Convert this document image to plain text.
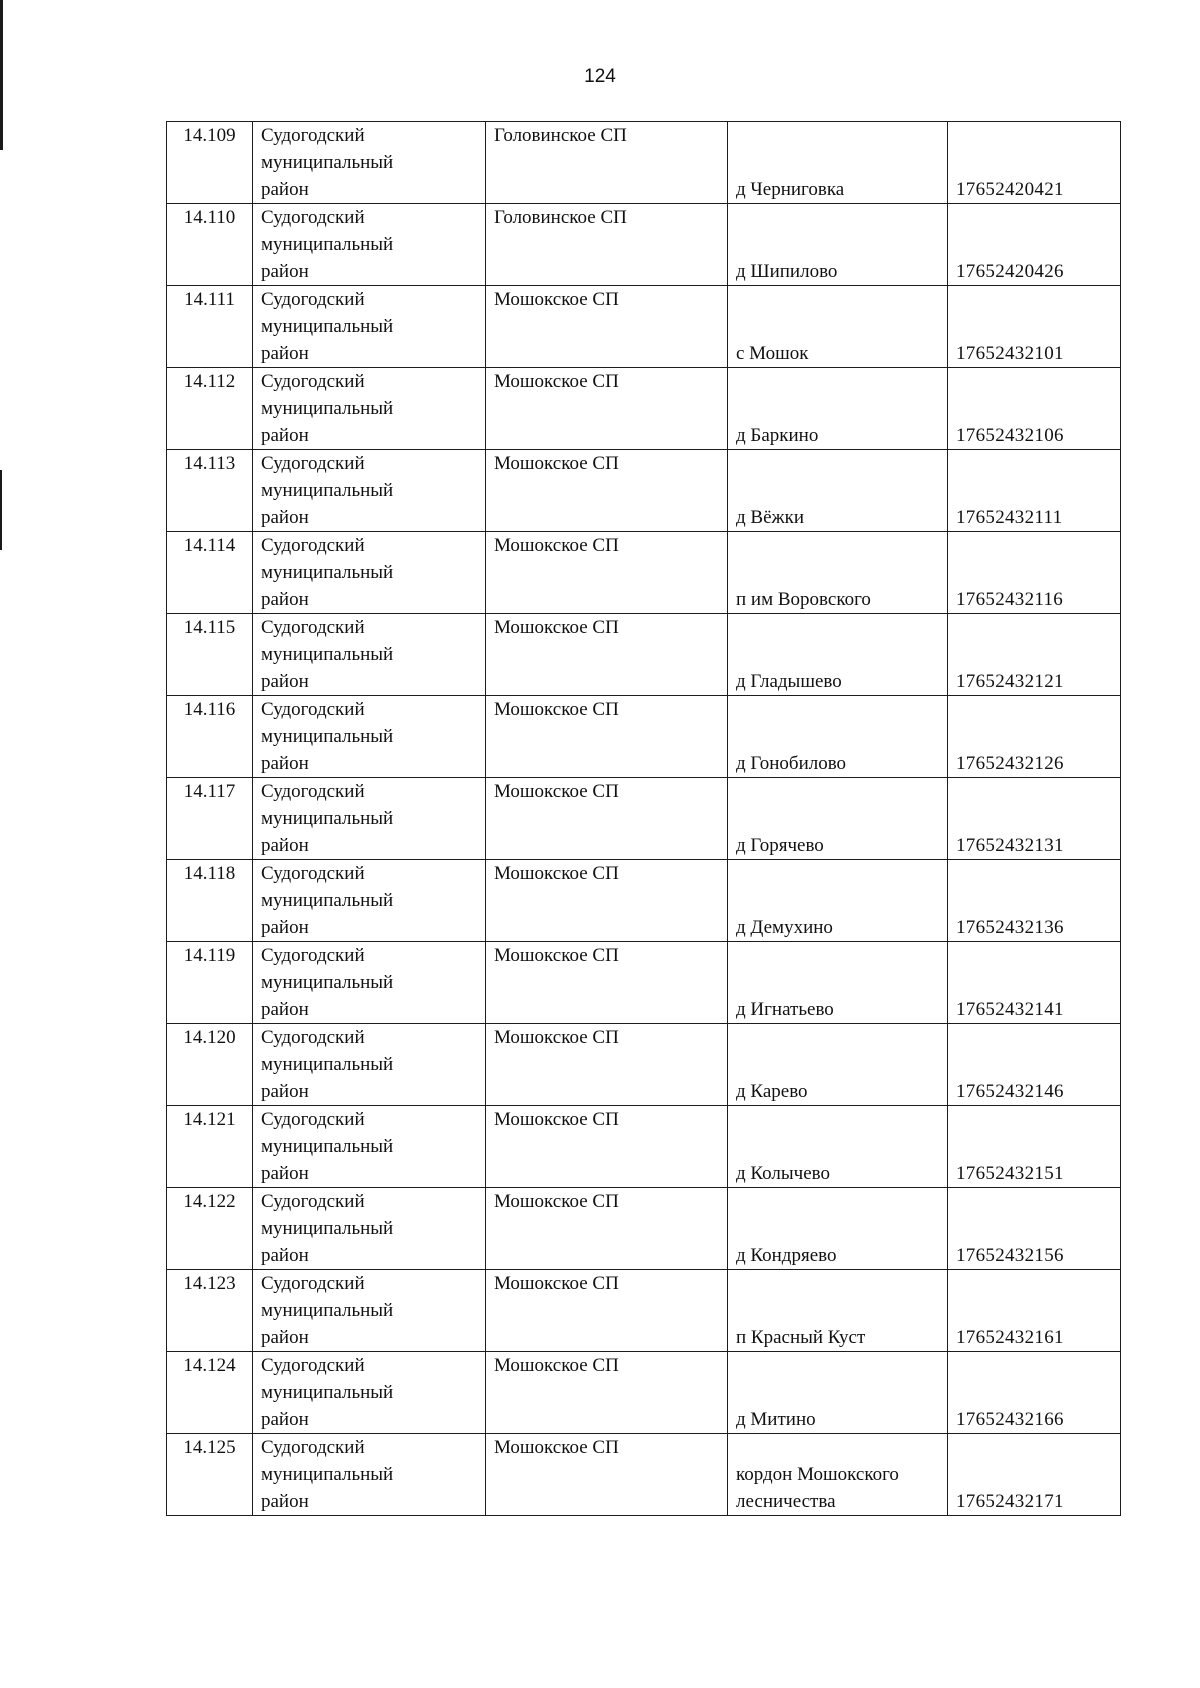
124
14.109	Судогодский
муниципальный
район	Головинское СП	д Черниговка	17652420421
14.110	Судогодский
муниципальный
район	Головинское СП	д Шипилово	17652420426
14.111	Судогодский
муниципальный
район	Мошокское СП	с Мошок	17652432101
14.112	Судогодский
муниципальный
район	Мошокское СП	д Баркино	17652432106
14.113	Судогодский
муниципальный
район	Мошокское СП	д Вёжки	17652432111
14.114	Судогодский
муниципальный
район	Мошокское СП	п им Воровского	17652432116
14.115	Судогодский
муниципальный
район	Мошокское СП	д Гладышево	17652432121
14.116	Судогодский
муниципальный
район	Мошокское СП	д Гонобилово	17652432126
14.117	Судогодский
муниципальный
район	Мошокское СП	д Горячево	17652432131
14.118	Судогодский
муниципальный
район	Мошокское СП	д Демухино	17652432136
14.119	Судогодский
муниципальный
район	Мошокское СП	д Игнатьево	17652432141
14.120	Судогодский
муниципальный
район	Мошокское СП	д Карево	17652432146
14.121	Судогодский
муниципальный
район	Мошокское СП	д Колычево	17652432151
14.122	Судогодский
муниципальный
район	Мошокское СП	д Кондряево	17652432156
14.123	Судогодский
муниципальный
район	Мошокское СП	п Красный Куст	17652432161
14.124	Судогодский
муниципальный
район	Мошокское СП	д Митино	17652432166
14.125	Судогодский
муниципальный
район	Мошокское СП	кордон Мошокского лесничества	17652432171
